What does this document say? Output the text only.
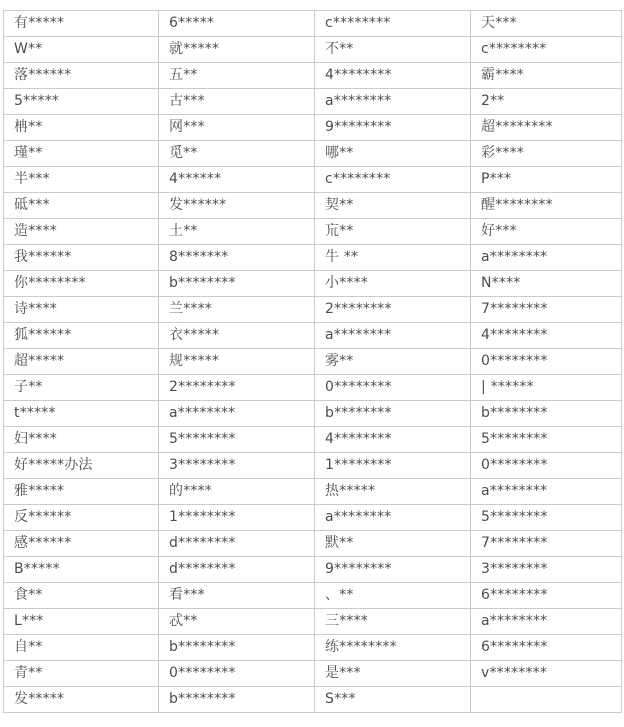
有*****	6*****	c********	天***
W**	就*****	不**	c********
落******	五**	4********	霸****
5*****	古***	a********	2**
柟**	网***	9********	超********
瑾**	觅**	哪**	彩****
半***	4******	c********	P***
砥***	发******	契**	醒********
造****	土**	巟**	好***
我******	8*******	牛 **	a********
你********	b********	小****	N****
诗****	兰****	2********	7********
狐******	衣*****	a********	4********
超*****	规*****	雾**	0********
子**	2********	0********	| ******
t*****	a********	b********	b********
妇****	5********	4********	5********
好*****办法	3********	1********	0********
雅*****	的****	热*****	a********
反******	1********	a********	5********
感******	d********	默**	7********
B*****	d********	9********	3********
食**	看***	、**	6********
L***	忒**	三****	a********
自**	b********	练********	6********
青**	0********	是***	v********
发*****	b********	S***	
